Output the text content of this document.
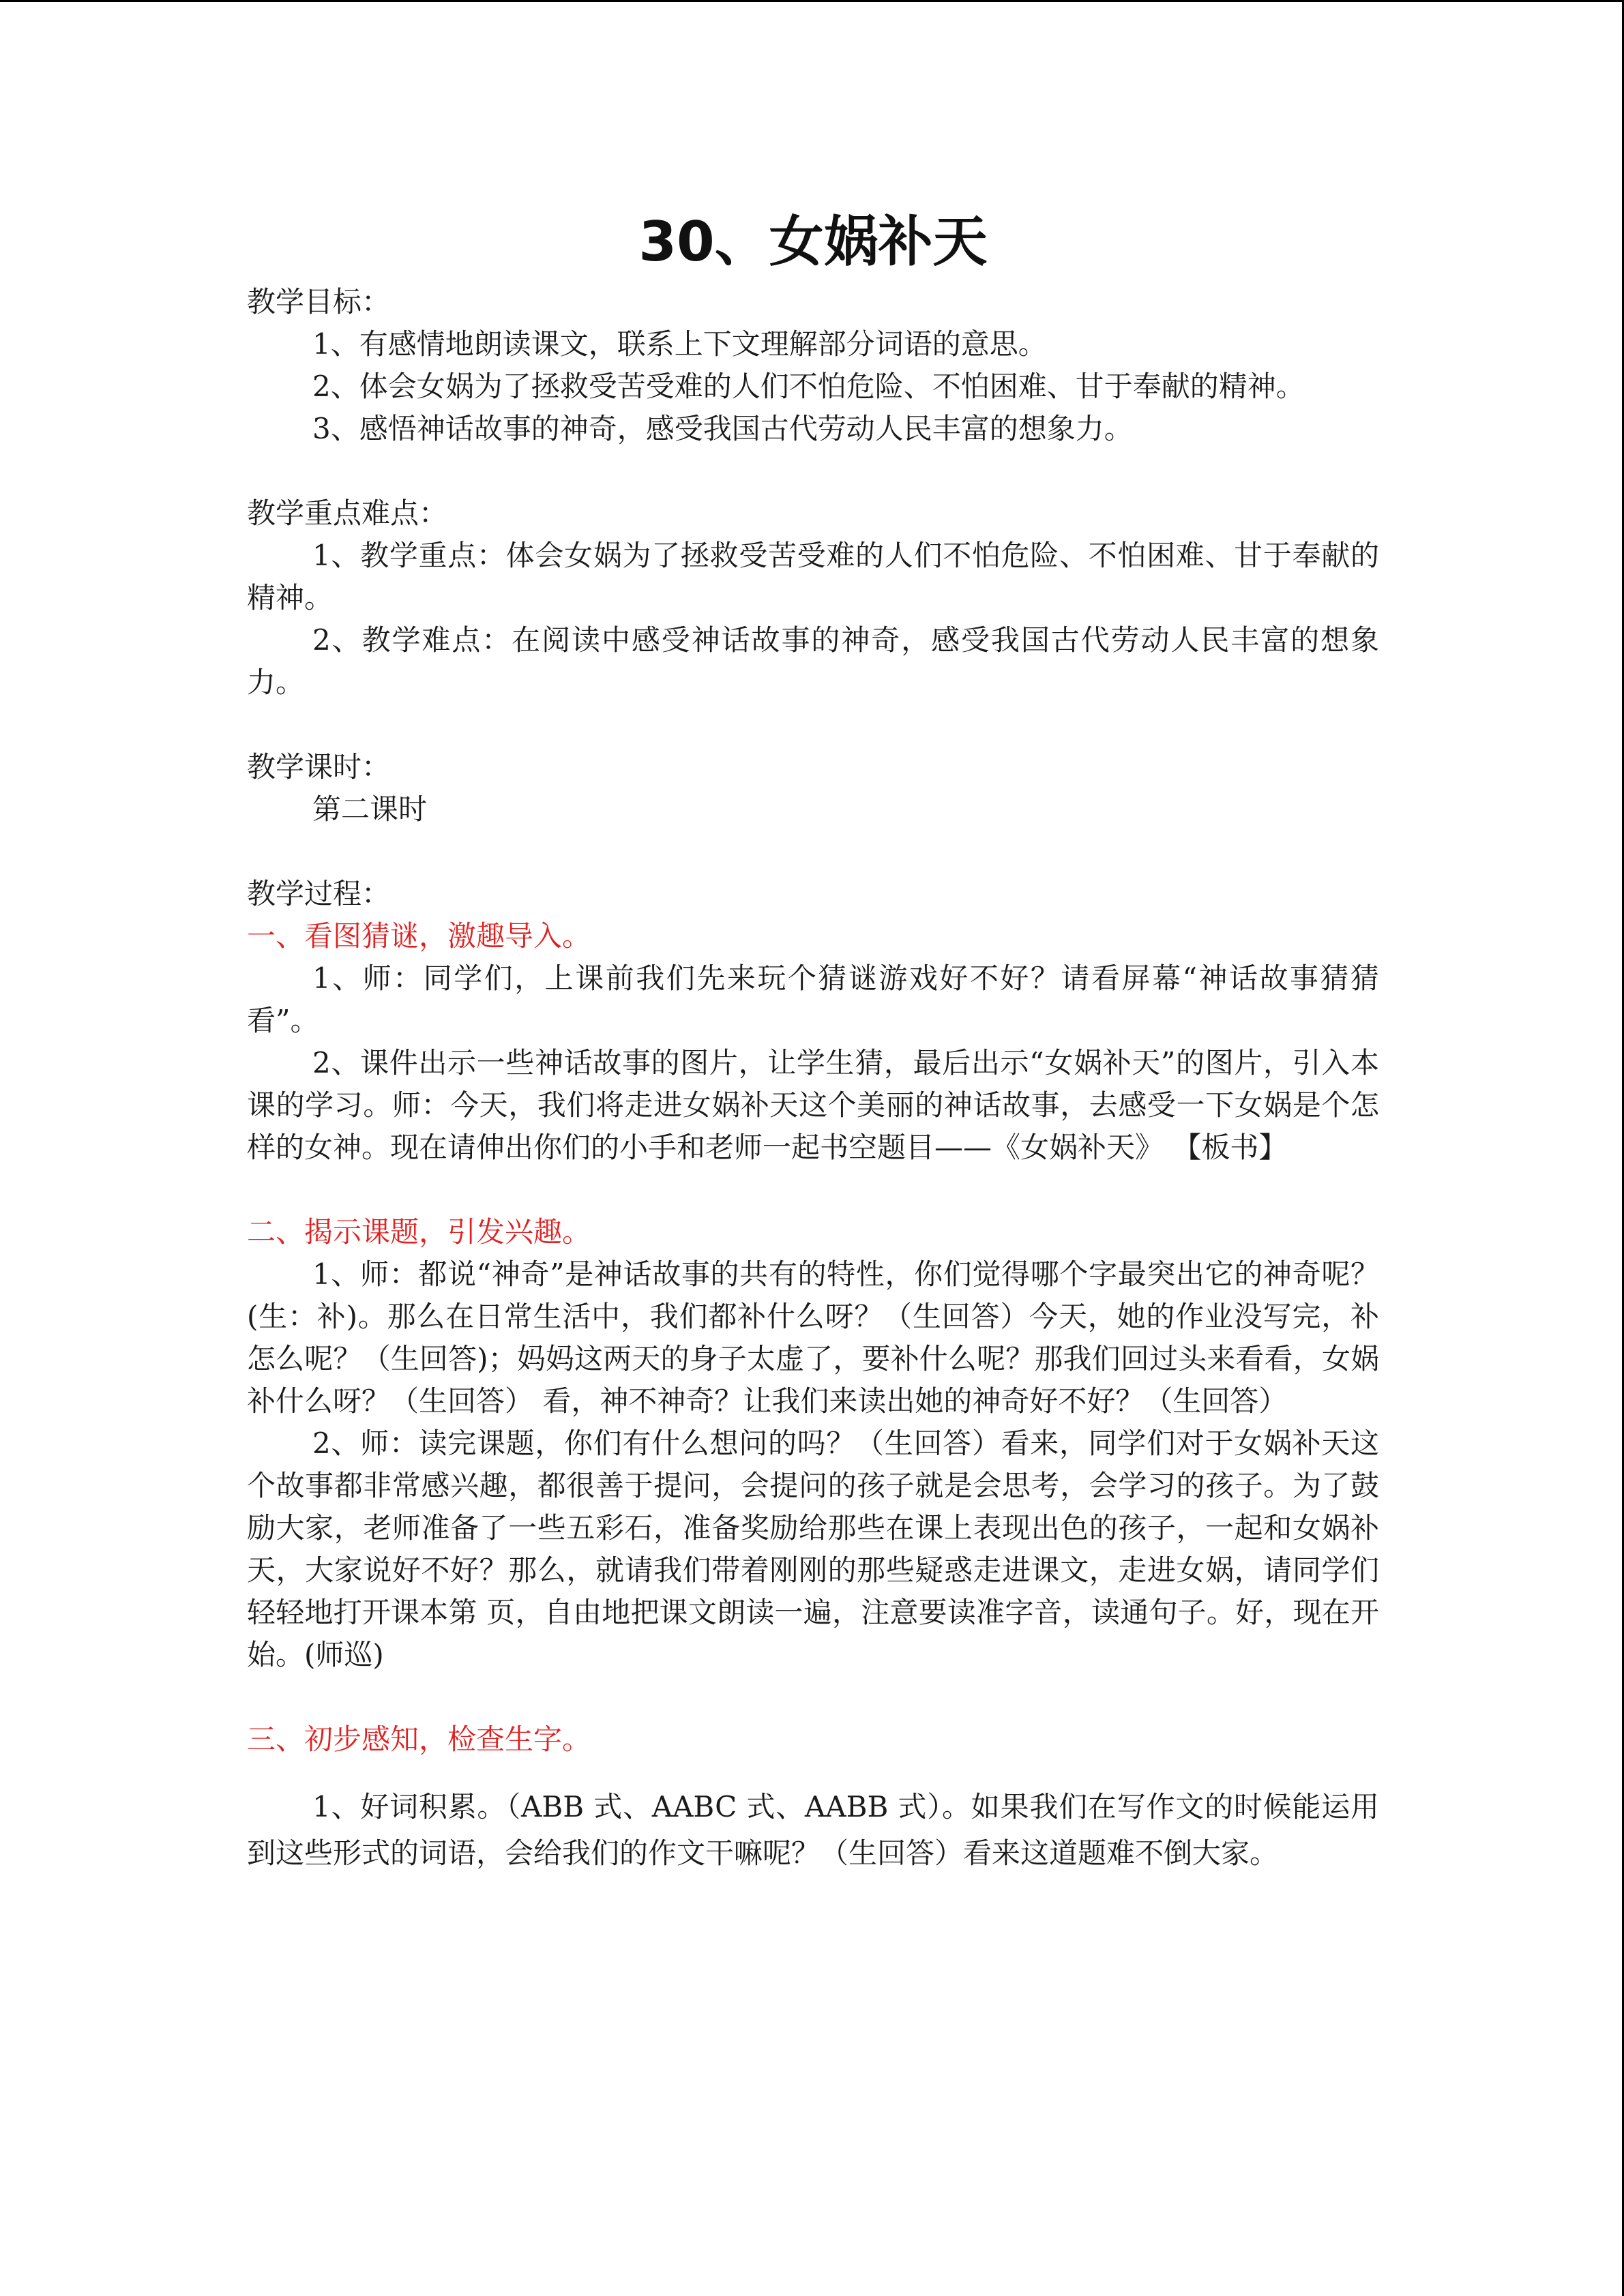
30、女娲补天

教学目标：

1、有感情地朗读课文，联系上下文理解部分词语的意思。

2、体会女娲为了拯救受苦受难的人们不怕危险、不怕困难、甘于奉献的精神。

3、感悟神话故事的神奇，感受我国古代劳动人民丰富的想象力。

教学重点难点：

1、教学重点：体会女娲为了拯救受苦受难的人们不怕危险、不怕困难、甘于奉献的精神。

2、教学难点：在阅读中感受神话故事的神奇，感受我国古代劳动人民丰富的想象力。

教学课时：

第二课时

教学过程：

一、看图猜谜，激趣导入。

1、师：同学们，上课前我们先来玩个猜谜游戏好不好？请看屏幕“神话故事猜猜看”。

2、课件出示一些神话故事的图片，让学生猜，最后出示“女娲补天”的图片，引入本课的学习。师：今天，我们将走进女娲补天这个美丽的神话故事，去感受一下女娲是个怎样的女神。现在请伸出你们的小手和老师一起书空题目——《女娲补天》 【板书】

二、揭示课题，引发兴趣。

1、师：都说“神奇”是神话故事的共有的特性，你们觉得哪个字最突出它的神奇呢？(生：补)。那么在日常生活中，我们都补什么呀？（生回答）今天，她的作业没写完，补怎么呢？（生回答)；妈妈这两天的身子太虚了，要补什么呢？那我们回过头来看看，女娲补什么呀？（生回答） 看，神不神奇？让我们来读出她的神奇好不好？（生回答）

2、师：读完课题，你们有什么想问的吗？（生回答）看来，同学们对于女娲补天这个故事都非常感兴趣，都很善于提问，会提问的孩子就是会思考，会学习的孩子。为了鼓励大家，老师准备了一些五彩石，准备奖励给那些在课上表现出色的孩子，一起和女娲补天，大家说好不好？那么，就请我们带着刚刚的那些疑惑走进课文，走进女娲，请同学们轻轻地打开课本第 页，自由地把课文朗读一遍，注意要读准字音，读通句子。好，现在开始。(师巡)

三、初步感知，检查生字。

1、好词积累。（ABB 式、AABC 式、AABB 式）。如果我们在写作文的时候能运用到这些形式的词语，会给我们的作文干嘛呢？（生回答）看来这道题难不倒大家。
